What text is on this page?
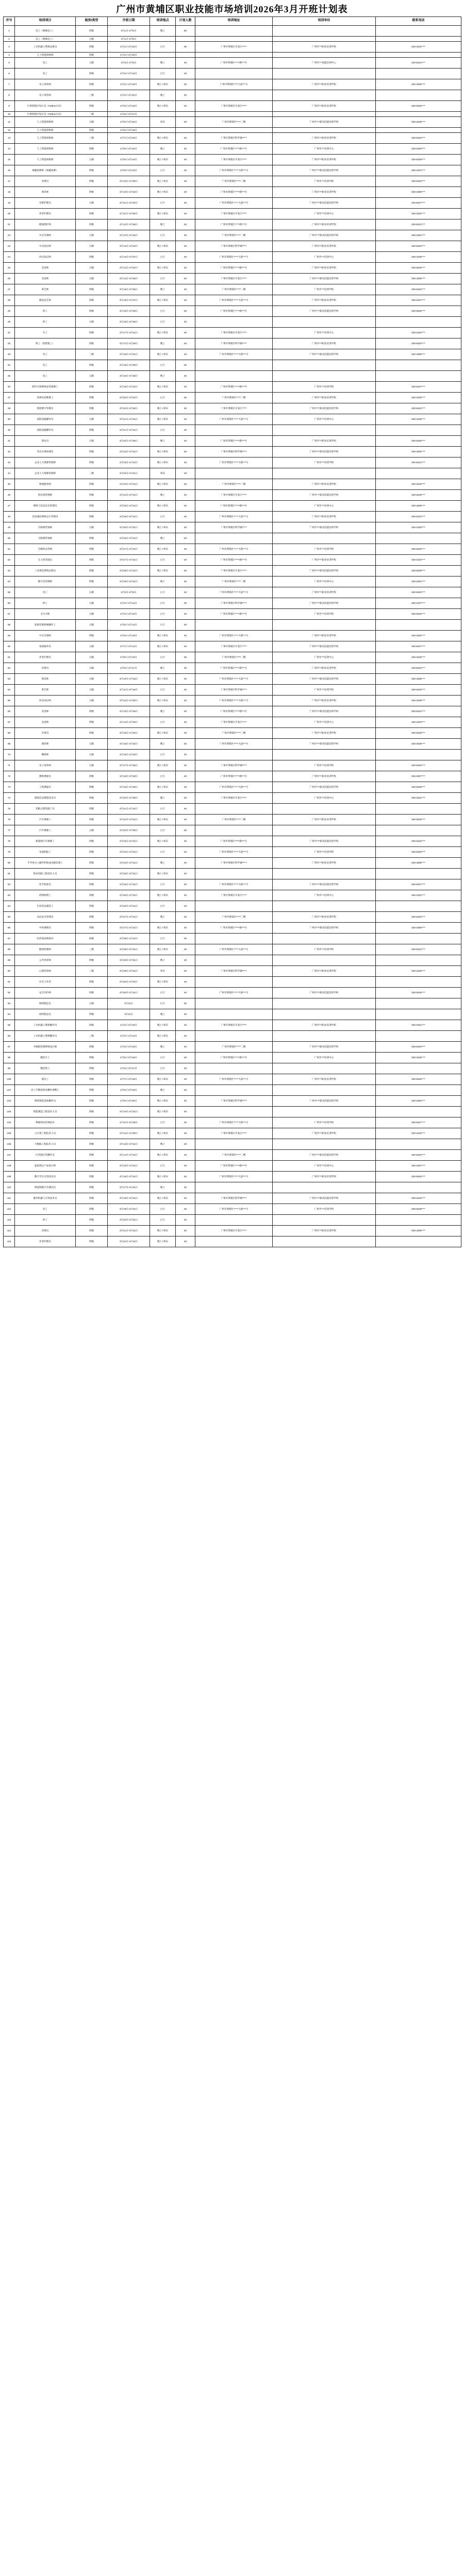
广州市黄埔区职业技能市场培训2026年3月开班计划表
序号	培训项目	级别/类型	开班日期	培训地点	计划人数	培训地址	培训单位	联系电话
1	美工（维修电工）	四级	3月1日-3月5日	晚上	50			
2	美工（维修电工）	五级	3月1日-3月8日					
3	工业机器人系统运维员	四级	3月1日-3月20日	白天	30	广州市黄埔区开发区*****	广州市***职业培训学校	020-3224****
4	人工智能训练师	四级	3月2日-3月20日					
5	电工	五级	3月2日-3月9日	晚上	40	广州市黄埔区*****路***号	广州市***技能培训中心	020-8221****
6	电工	四级	3月3日-3月15日	白天	40			
7	电子商务师	四级	3月3日-3月18日	晚上+周末	40	广州市黄埔区****大道***号	广州市***职业培训学校	020-3206****
8	电子商务师	三级	3月4日-3月22日	晚上	40			
9	计算机程序设计员（Python方向）	四级	3月5日-3月25日	晚上+周末	40	广州市黄埔区开发区*****	广州市***职业培训学校	020-8225****
10	计算机程序设计员（Python方向）	三级	3月5日-3月27日					
11	人工智能训练师	五级	3月6日-3月20日	周末	40	广州市黄埔区*****二楼	广州市***职业技能培训学校	020-3229****
12	人工智能训练师	四级	3月6日-3月26日					
13	人工智能训练师	三级	3月7日-3月28日	晚上+周末	40	广州市黄埔区科学城*****	广州市***职业培训学校	020-8222****
14	人工智能训练师	四级	3月8日-3月25日	晚上	40	广州市黄埔区*****路***号	广州市***培训中心	020-3203****
15	人工智能训练师	五级	3月9日-3月24日	晚上+周末	40	广州市黄埔区开发区*****	广州市***职业培训学校	020-8228****
16	保健按摩师（保健按摩）	四级	3月9日-3月22日	白天	40	广州市黄埔区*****大街***号	广州市***职业技能培训学校	020-3221****
17	育婴员	四级	3月10日-3月20日	晚上+周末	40	广州市黄埔区*****二楼	广州市***培训学校	020-8220****
18	保育师	四级	3月10日-3月22日	晚上+周末	40	广州市黄埔区*****路***号	广州市***职业培训学校	020-3208****
19	母婴护理员	五级	3月11日-3月20日	白天	40	广州市黄埔区*****大道***号	广州市***职业技能培训学校	020-8227****
20	养老护理员	四级	3月11日-3月25日	晚上+周末	40	广州市黄埔区开发区*****	广州市***培训中心	020-3224****
21	健康照护师	四级	3月12日-3月26日	晚上	40	广州市黄埔区*****路***号	广州市***职业培训学校	020-8221****
22	中式烹调师	五级	3月12日-3月22日	白天	40	广州市黄埔区*****二楼	广州市***职业技能培训学校	020-3201****
23	中式面点师	五级	3月13日-3月23日	晚上+周末	40	广州市黄埔区科学城*****	广州市***职业培训学校	020-8223****
24	西式面点师	四级	3月13日-3月27日	白天	40	广州市黄埔区*****大街***号	广州市***培训中心	020-3226****
25	美容师	五级	3月14日-3月24日	晚上+周末	40	广州市黄埔区*****路***号	广州市***职业培训学校	020-8229****
26	美发师	五级	3月14日-3月26日	白天	40	广州市黄埔区开发区*****	广州市***职业技能培训学校	020-3205****
27	茶艺师	四级	3月15日-3月25日	晚上	40	广州市黄埔区*****二楼	广州市***培训学校	020-8224****
28	插花花艺师	四级	3月15日-3月27日	晚上+周末	40	广州市黄埔区*****大道***号	广州市***职业培训学校	020-3227****
29	焊工	四级	3月16日-3月30日	白天	40	广州市黄埔区*****路***号	广州市***职业技能培训学校	020-8226****
30	焊工	五级	3月16日-3月26日	白天	40			
31	车工	四级	3月17日-3月31日	晚上+周末	40	广州市黄埔区开发区*****	广州市***培训中心	020-3222****
32	钳工（装配钳工）	四级	3月17日-3月29日	晚上	40	广州市黄埔区科学城*****	广州市***职业培训学校	020-8220****
33	电工	三级	3月18日-3月31日	晚上+周末	40	广州市黄埔区*****大街***号	广州市***职业技能培训学校	020-3209****
34	电工	四级	3月18日-3月30日	白天	40			
35	电工	五级	3月19日-3月28日	晚上	40			
36	制冷空调系统安装维修工	四级	3月19日-3月31日	晚上+周末	40	广州市黄埔区*****路***号	广州市***培训学校	020-8227****
37	电梯安装维修工	四级	3月20日-3月31日	白天	40	广州市黄埔区*****二楼	广州市***职业培训学校	020-3225****
38	智能楼宇管理员	四级	3月20日-3月30日	晚上+周末	40	广州市黄埔区开发区*****	广州市***职业技能培训学校	020-8222****
39	消防设施操作员	五级	3月21日-3月31日	晚上+周末	40	广州市黄埔区*****大道***号	广州市***培训中心	020-3228****
40	消防设施操作员	四级	3月21日-3月31日	白天	40			
41	保安员	五级	3月22日-3月29日	晚上	40	广州市黄埔区*****路***号	广州市***职业培训学校	020-8225****
42	劳动关系协调员	四级	3月22日-3月31日	晚上+周末	40	广州市黄埔区科学城*****	广州市***职业技能培训学校	020-3204****
43	企业人力资源管理师	四级	3月23日-3月31日	晚上+周末	40	广州市黄埔区*****大街***号	广州市***培训学校	020-8221****
44	企业人力资源管理师	三级	3月23日-3月31日	周末	40			
45	物流服务师	四级	3月24日-3月31日	晚上+周末	40	广州市黄埔区*****二楼	广州市***职业培训学校	020-3223****
46	供应链管理师	四级	3月24日-3月31日	晚上	40	广州市黄埔区开发区*****	广州市***职业技能培训学校	020-8229****
47	网络与信息安全管理员	四级	3月25日-3月31日	晚上+周末	40	广州市黄埔区*****路***号	广州市***培训中心	020-3206****
48	信息通信网络运行管理员	四级	3月25日-3月31日	白天	40	广州市黄埔区*****大道***号	广州市***职业培训学校	020-8223****
49	互联网营销师	五级	3月26日-3月31日	晚上+周末	40	广州市黄埔区科学城*****	广州市***职业技能培训学校	020-3220****
50	互联网营销师	四级	3月26日-3月31日	晚上	40			
51	全媒体运营师	四级	3月27日-3月31日	晚上+周末	40	广州市黄埔区*****大街***号	广州市***培训学校	020-8226****
52	无人机驾驶员	四级	3月27日-3月31日	白天	40	广州市黄埔区*****路***号	广州市***职业培训学校	020-3224****
53	工业视觉系统运维员	四级	3月28日-3月31日	晚上+周末	40	广州市黄埔区开发区*****	广州市***职业技能培训学校	020-8228****
54	数字化管理师	四级	3月28日-3月31日	晚上	40	广州市黄埔区*****二楼	广州市***培训中心	020-3201****
55	电工	五级	3月2日-3月9日	白天	40	广州市黄埔区*****大道***号	广州市***职业培训学校	020-8220****
56	焊工	五级	3月3日-3月12日	白天	40	广州市黄埔区科学城*****	广州市***职业技能培训学校	020-3227****
57	叉车司机	五级	3月4日-3月10日	白天	40	广州市黄埔区*****路***号	广州市***培训学校	020-8224****
58	起重装卸机械操作工	五级	3月5日-3月12日	白天	40			
59	中式烹调师	四级	3月6日-3月18日	晚上+周末	40	广州市黄埔区*****大街***号	广州市***职业培训学校	020-3202****
60	家政服务员	五级	3月7日-3月14日	晚上+周末	40	广州市黄埔区开发区*****	广州市***职业技能培训学校	020-8227****
61	养老护理员	五级	3月8日-3月16日	白天	40	广州市黄埔区*****二楼	广州市***培训中心	020-3225****
62	育婴员	五级	3月9日-3月17日	晚上	40	广州市黄埔区*****路***号	广州市***职业培训学校	020-8222****
63	保育师	五级	3月10日-3月18日	晚上+周末	40	广州市黄埔区*****大道***号	广州市***职业技能培训学校	020-3208****
64	茶艺师	五级	3月11日-3月19日	白天	40	广州市黄埔区科学城*****	广州市***培训学校	020-8225****
65	西式面点师	五级	3月12日-3月20日	晚上+周末	40	广州市黄埔区*****大街***号	广州市***职业培训学校	020-3229****
66	美容师	四级	3月13日-3月25日	晚上	40	广州市黄埔区*****路***号	广州市***职业技能培训学校	020-8221****
67	美发师	四级	3月14日-3月26日	白天	40	广州市黄埔区开发区*****	广州市***培训中心	020-3203****
68	评茶员	四级	3月15日-3月24日	晚上+周末	40	广州市黄埔区*****二楼	广州市***职业培训学校	020-8228****
69	调饮师	五级	3月16日-3月22日	晚上	40	广州市黄埔区*****大道***号	广州市***职业技能培训学校	020-3226****
70	咖啡师	五级	3月16日-3月23日	白天	40			
71	电子商务师	五级	3月17日-3月26日	晚上+周末	40	广州市黄埔区科学城*****	广州市***培训学校	020-8223****
72	摄影测量员	四级	3月18日-3月28日	白天	40	广州市黄埔区*****路***号	广州市***职业培训学校	020-3207****
73	工程测量员	四级	3月19日-3月29日	晚上+周末	40	广州市黄埔区*****大街***号	广州市***职业技能培训学校	020-8229****
74	建筑信息模型技术员	四级	3月20日-3月30日	晚上	40	广州市黄埔区开发区*****	广州市***培训中心	020-3221****
75	装配式建筑施工员	四级	3月21日-3月31日	白天	40			
76	汽车维修工	四级	3月22日-3月31日	晚上+周末	40	广州市黄埔区*****二楼	广州市***职业培训学校	020-8226****
77	汽车维修工	五级	3月22日-3月30日	白天	40			
78	新能源汽车维修工	四级	3月23日-3月31日	晚上+周末	40	广州市黄埔区*****路***号	广州市***职业技能培训学校	020-3224****
79	电池制造工	四级	3月24日-3月31日	白天	40	广州市黄埔区*****大道***号	广州市***培训学校	020-8220****
80	半导体分立器件和集成电路装调工	四级	3月24日-3月31日	晚上	40	广州市黄埔区科学城*****	广州市***职业培训学校	020-3209****
81	集成电路工程技术人员	四级	3月25日-3月31日	晚上+周末	40			
82	化学检验员	四级	3月25日-3月31日	白天	40	广州市黄埔区*****大街***号	广州市***职业技能培训学校	020-8227****
83	药物制剂工	四级	3月26日-3月31日	晚上+周末	40	广州市黄埔区开发区*****	广州市***培训中心	020-3222****
84	生化药品制造工	四级	3月26日-3月31日	白天	40			
85	食品安全管理员	四级	3月27日-3月31日	晚上	40	广州市黄埔区*****二楼	广州市***职业培训学校	020-8224****
86	中药调剂员	四级	3月27日-3月31日	晚上+周末	40	广州市黄埔区*****路***号	广州市***职业技能培训学校	020-3205****
87	医药商品购销员	四级	3月28日-3月31日	白天	40			
88	健康管理师	三级	3月28日-3月31日	晚上+周末	40	广州市黄埔区*****大道***号	广州市***培训学校	020-8221****
89	公共营养师	四级	3月29日-3月31日	晚上	40			
90	心理咨询师	三级	3月29日-3月31日	周末	40	广州市黄埔区科学城*****	广州市***职业培训学校	020-3228****
91	社会工作者	四级	3月30日-3月31日	晚上+周末	40			
92	安全评价师	四级	3月30日-3月31日	白天	40	广州市黄埔区*****大街***号	广州市***职业技能培训学校	020-8225****
93	网约配送员	五级	3月31日	白天	40			
94	网约配送员	四级	3月31日	晚上	40			
95	工业机器人系统操作员	四级	3月2日-3月20日	晚上+周末	40	广州市黄埔区开发区*****	广州市***职业培训学校	020-3201****
96	工业机器人系统操作员	三级	3月3日-3月24日	晚上+周末	40			
97	可编程控制系统设计师	四级	3月4日-3月25日	晚上	40	广州市黄埔区*****二楼	广州市***职业技能培训学校	020-8223****
98	数控车工	四级	3月5日-3月26日	白天	40	广州市黄埔区*****路***号	广州市***培训中心	020-3226****
99	数控铣工	四级	3月6日-3月27日	白天	40			
100	模具工	四级	3月7日-3月28日	晚上+周末	40	广州市黄埔区*****大道***号	广州市***职业培训学校	020-8229****
101	多工序数控机床操作调整工	四级	3月8日-3月29日	晚上	40			
102	增材制造设备操作员	四级	3月9日-3月30日	晚上+周末	40	广州市黄埔区科学城*****	广州市***职业技能培训学校	020-3202****
103	智能制造工程技术人员	四级	3月10日-3月31日	晚上+周末	40			
104	物联网安装调试员	四级	3月11日-3月28日	白天	40	广州市黄埔区*****大街***号	广州市***培训学校	020-8227****
105	云计算工程技术人员	四级	3月12日-3月30日	晚上+周末	40	广州市黄埔区开发区*****	广州市***职业培训学校	020-3224****
106	大数据工程技术人员	四级	3月13日-3月31日	晚上	40			
107	区块链应用操作员	四级	3月14日-3月31日	晚上+周末	40	广州市黄埔区*****二楼	广州市***职业技能培训学校	020-8220****
108	虚拟现实产品设计师	四级	3月15日-3月31日	白天	40	广州市黄埔区*****路***号	广州市***培训中心	020-3207****
109	数字孪生应用技术员	四级	3月16日-3月31日	晚上+周末	40	广州市黄埔区*****大道***号	广州市***职业培训学校	020-8226****
110	智能网联汽车测试员	四级	3月17日-3月31日	晚上	40			
111	服务机器人应用技术员	四级	3月18日-3月31日	晚上+周末	40	广州市黄埔区科学城*****	广州市***职业技能培训学校	020-3223****
112	电工	四级	3月19日-3月31日	白天	40	广州市黄埔区*****大街***号	广州市***培训学校	020-8228****
113	焊工	四级	3月20日-3月31日	白天	40			
114	育婴员	四级	3月21日-3月31日	晚上+周末	40	广州市黄埔区开发区*****	广州市***职业培训学校	020-3205****
115	养老护理员	四级	3月22日-3月31日	晚上+周末	40			
